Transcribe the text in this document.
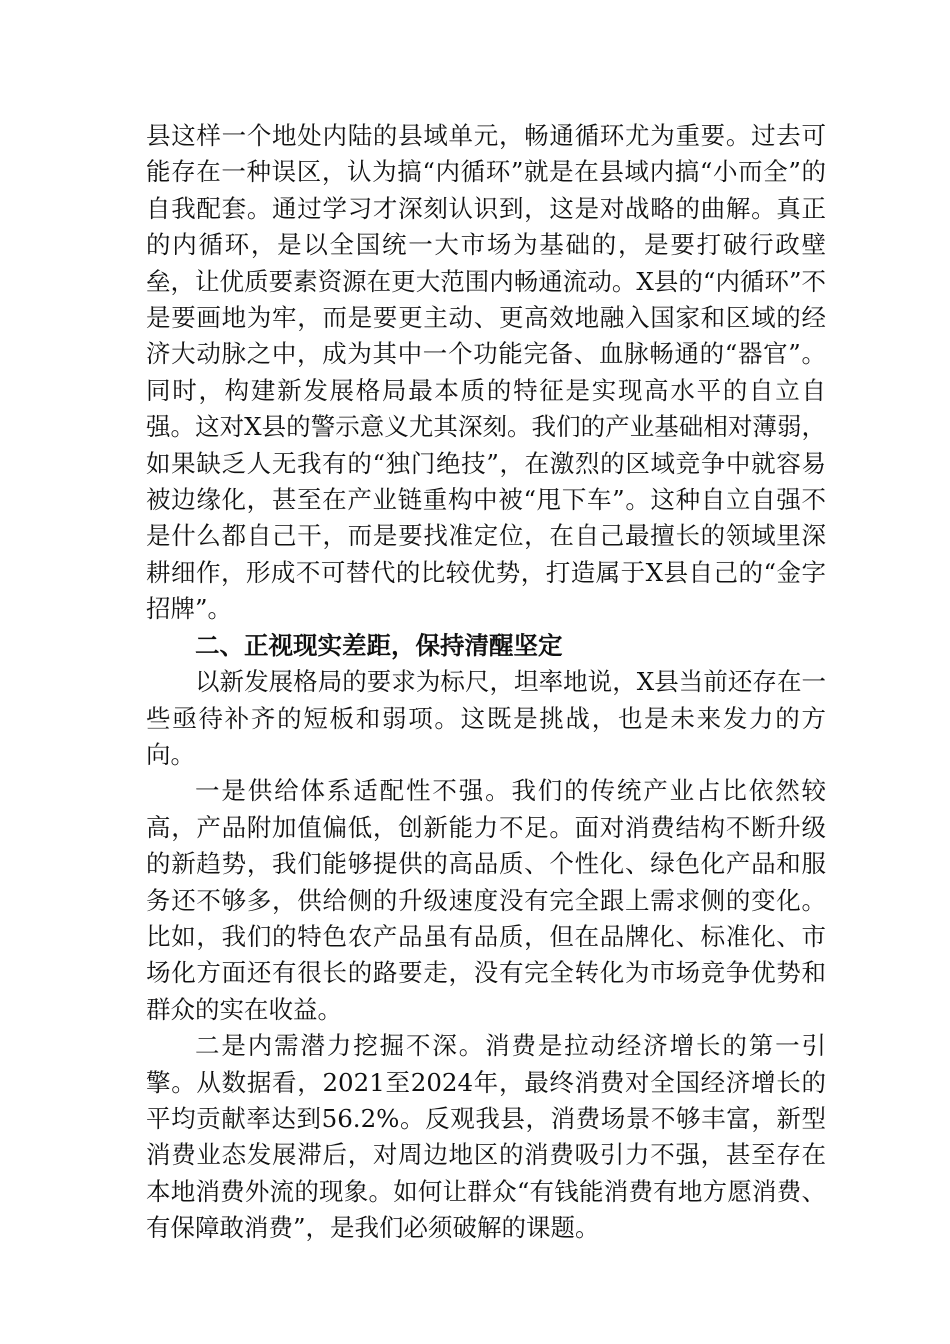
县这样一个地处内陆的县域单元，畅通循环尤为重要。过去可能存在一种误区，认为搞“内循环”就是在县域内搞“小而全”的自我配套。通过学习才深刻认识到，这是对战略的曲解。真正的内循环，是以全国统一大市场为基础的，是要打破行政壁垒，让优质要素资源在更大范围内畅通流动。X县的“内循环”不是要画地为牢，而是要更主动、更高效地融入国家和区域的经济大动脉之中，成为其中一个功能完备、血脉畅通的“器官”。同时，构建新发展格局最本质的特征是实现高水平的自立自强。这对X县的警示意义尤其深刻。我们的产业基础相对薄弱，如果缺乏人无我有的“独门绝技”，在激烈的区域竞争中就容易被边缘化，甚至在产业链重构中被“甩下车”。这种自立自强不是什么都自己干，而是要找准定位，在自己最擅长的领域里深耕细作，形成不可替代的比较优势，打造属于X县自己的“金字招牌”。

二、正视现实差距，保持清醒坚定

以新发展格局的要求为标尺，坦率地说，X县当前还存在一些亟待补齐的短板和弱项。这既是挑战，也是未来发力的方向。

一是供给体系适配性不强。我们的传统产业占比依然较高，产品附加值偏低，创新能力不足。面对消费结构不断升级的新趋势，我们能够提供的高品质、个性化、绿色化产品和服务还不够多，供给侧的升级速度没有完全跟上需求侧的变化。比如，我们的特色农产品虽有品质，但在品牌化、标准化、市场化方面还有很长的路要走，没有完全转化为市场竞争优势和群众的实在收益。

二是内需潜力挖掘不深。消费是拉动经济增长的第一引擎。从数据看，2021至2024年，最终消费对全国经济增长的平均贡献率达到56.2%。反观我县，消费场景不够丰富，新型消费业态发展滞后，对周边地区的消费吸引力不强，甚至存在本地消费外流的现象。如何让群众“有钱能消费有地方愿消费、有保障敢消费”，是我们必须破解的课题。
